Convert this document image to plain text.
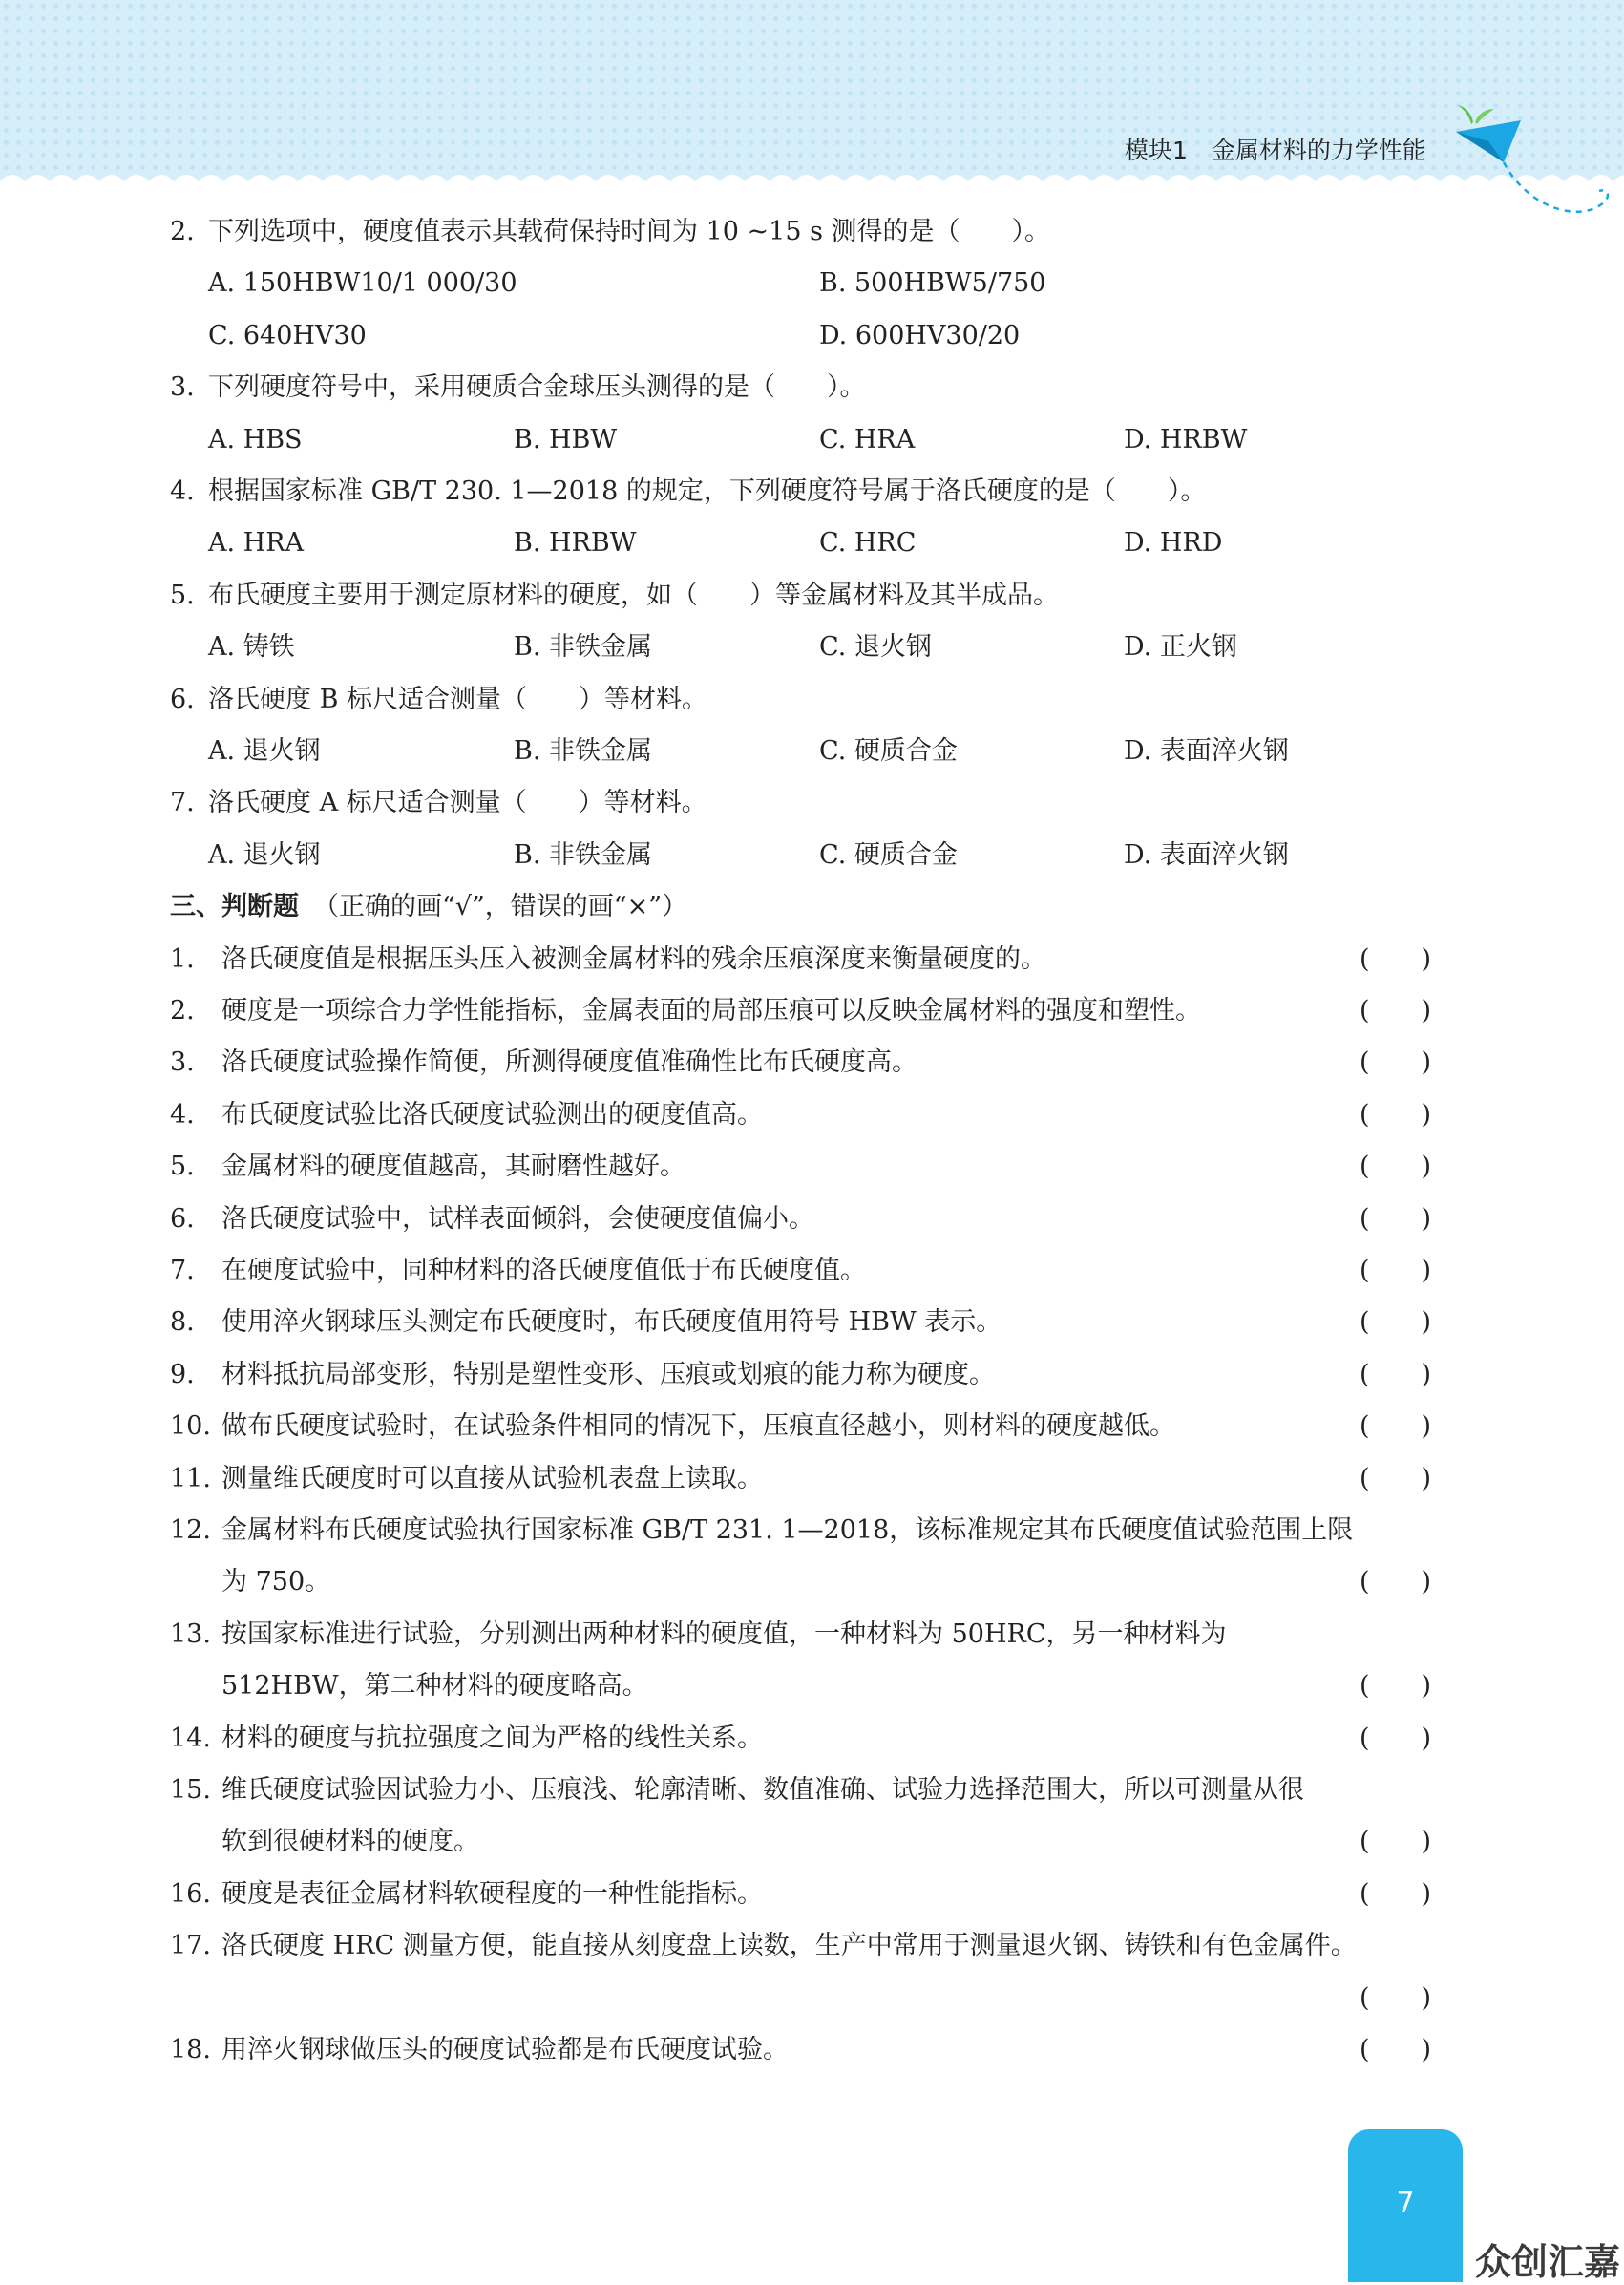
模块1　金属材料的力学性能
2. 下列选项中，硬度值表示其载荷保持时间为 10 ~15 s 测得的是（　　）。
A. 150HBW10/1 000/30	B. 500HBW5/750
C. 640HV30	D. 600HV30/20
3. 下列硬度符号中，采用硬质合金球压头测得的是（　　）。
A. HBS	B. HBW	C. HRA	D. HRBW
4. 根据国家标准 GB/T 230. 1—2018 的规定，下列硬度符号属于洛氏硬度的是（　　）。
A. HRA	B. HRBW	C. HRC	D. HRD
5. 布氏硬度主要用于测定原材料的硬度，如（　　）等金属材料及其半成品。
A. 铸铁	B. 非铁金属	C. 退火钢	D. 正火钢
6. 洛氏硬度 B 标尺适合测量（　　）等材料。
A. 退火钢	B. 非铁金属	C. 硬质合金	D. 表面淬火钢
7. 洛氏硬度 A 标尺适合测量（　　）等材料。
A. 退火钢	B. 非铁金属	C. 硬质合金	D. 表面淬火钢
三、判断题 （正确的画“√”，错误的画“×”）
1. 洛氏硬度值是根据压头压入被测金属材料的残余压痕深度来衡量硬度的。	(　　)
2. 硬度是一项综合力学性能指标，金属表面的局部压痕可以反映金属材料的强度和塑性。	(　　)
3. 洛氏硬度试验操作简便，所测得硬度值准确性比布氏硬度高。	(　　)
4. 布氏硬度试验比洛氏硬度试验测出的硬度值高。	(　　)
5. 金属材料的硬度值越高，其耐磨性越好。	(　　)
6. 洛氏硬度试验中，试样表面倾斜，会使硬度值偏小。	(　　)
7. 在硬度试验中，同种材料的洛氏硬度值低于布氏硬度值。	(　　)
8. 使用淬火钢球压头测定布氏硬度时，布氏硬度值用符号 HBW 表示。	(　　)
9. 材料抵抗局部变形，特别是塑性变形、压痕或划痕的能力称为硬度。	(　　)
10. 做布氏硬度试验时，在试验条件相同的情况下，压痕直径越小，则材料的硬度越低。	(　　)
11. 测量维氏硬度时可以直接从试验机表盘上读取。	(　　)
12. 金属材料布氏硬度试验执行国家标准 GB/T 231. 1—2018，该标准规定其布氏硬度值试验范围上限
为 750。	(　　)
13. 按国家标准进行试验，分别测出两种材料的硬度值，一种材料为 50HRC，另一种材料为
512HBW，第二种材料的硬度略高。	(　　)
14. 材料的硬度与抗拉强度之间为严格的线性关系。	(　　)
15. 维氏硬度试验因试验力小、压痕浅、轮廓清晰、数值准确、试验力选择范围大，所以可测量从很
软到很硬材料的硬度。	(　　)
16. 硬度是表征金属材料软硬程度的一种性能指标。	(　　)
17. 洛氏硬度 HRC 测量方便，能直接从刻度盘上读数，生产中常用于测量退火钢、铸铁和有色金属件。
(　　)
18. 用淬火钢球做压头的硬度试验都是布氏硬度试验。	(　　)
7
众创汇嘉
